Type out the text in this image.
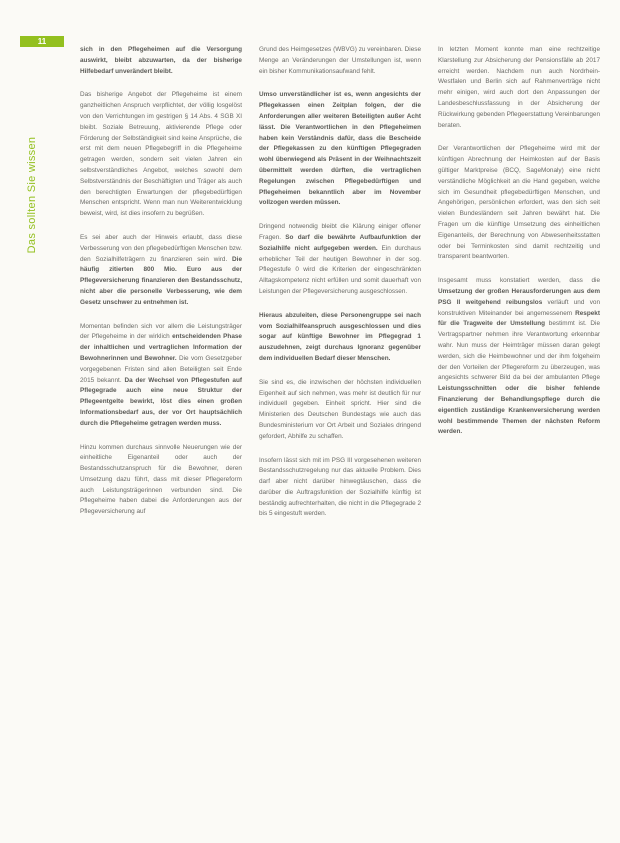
11
Das sollten Sie wissen

sich in den Pflegeheimen auf die Versorgung auswirkt, bleibt abzuwarten, da der bisherige Hilfebedarf unverändert bleibt.

Das bisherige Angebot der Pflegeheime ist einem ganzheitlichen Anspruch verpflichtet, der völlig losgelöst von den Verrichtungen im gestrigen § 14 Abs. 4 SGB XI bleibt. Soziale Betreuung, aktivierende Pflege oder Förderung der Selbständigkeit sind keine Ansprüche, die erst mit dem neuen Pflegebegriff in die Pflegeheime getragen werden, sondern seit vielen Jahren ein selbstverständliches Angebot, welches sowohl dem Selbstverständnis der Beschäftigten und Träger als auch den berechtigten Erwartungen der pflegebedürftigen Menschen entspricht. Wenn man nun Weiterentwicklung beweist, wird, ist dies insofern zu begrüßen.

Es sei aber auch der Hinweis erlaubt, dass diese Verbesserung von den pflegebedürftigen Menschen bzw. den Sozialhilfeträgern zu finanzieren sein wird. Die häufig zitierten 800 Mio. Euro aus der Pflegeversicherung finanzieren den Bestandsschutz, nicht aber die personelle Verbesserung, wie dem Gesetz unschwer zu entnehmen ist.

Momentan befinden sich vor allem die Leistungsträger der Pflegeheime in der wirklich entscheidenden Phase der inhaltlichen und vertraglichen Information der Bewohnerinnen und Bewohner. Die vom Gesetzgeber vorgegebenen Fristen sind allen Beteiligten seit Ende 2015 bekannt. Da der Wechsel von Pflegestufen auf Pflegegrade auch eine neue Struktur der Pflegeentgelte bewirkt, löst dies einen großen Informationsbedarf aus, der vor Ort hauptsächlich durch die Pflegeheime getragen werden muss.

Hinzu kommen durchaus sinnvolle Neuerungen wie der einheitliche Eigenanteil oder auch der Bestandsschutzanspruch für die Bewohner, deren Umsetzung dazu führt, dass mit dieser Pflegereform auch Leistungsträgerinnen verbunden sind. Die Pflegeheime haben dabei die Anforderungen aus der Pflegeversicherung auf

Grund des Heimgesetzes (WBVG) zu vereinbaren. Diese Menge an Veränderungen der Umstellungen ist, wenn ein bisher Kommunikationsaufwand fehlt.

Umso unverständlicher ist es, wenn angesichts der Pflegekassen einen Zeitplan folgen, der die Anforderungen aller weiteren Beteiligten außer Acht lässt. Die Verantwortlichen in den Pflegeheimen haben kein Verständnis dafür, dass die Bescheide der Pflegekassen zu den künftigen Pflegegraden wohl überwiegend als Präsent in der Weihnachtszeit übermittelt werden dürften, die vertraglichen Regelungen zwischen Pflegebedürftigen und Pflegeheimen bekanntlich aber im November vollzogen werden müssen.

Dringend notwendig bleibt die Klärung einiger offener Fragen. So darf die bewährte Aufbaufunktion der Sozialhilfe nicht aufgegeben werden. Ein durchaus erheblicher Teil der heutigen Bewohner in der sog. Pflegestufe 0 wird die Kriterien der eingeschränkten Alltagskompetenz nicht erfüllen und somit dauerhaft von Leistungen der Pflegeversicherung ausgeschlossen.

Hieraus abzuleiten, diese Personengruppe sei nach vom Sozialhilfeanspruch ausgeschlossen und dies sogar auf künftige Bewohner im Pflegegrad 1 auszudehnen, zeigt durchaus Ignoranz gegenüber dem individuellen Bedarf dieser Menschen.

Sie sind es, die inzwischen der höchsten individuellen Eigenheit auf sich nehmen, was mehr ist deutlich für nur individuell gegeben. Einheit spricht. Hier sind die Ministerien des Deutschen Bundestags wie auch das Bundesministerium vor Ort Arbeit und Soziales dringend gefordert, Abhilfe zu schaffen.

Insofern lässt sich mit im PSG III vorgesehenen weiteren Bestandsschutzregelung nur das aktuelle Problem. Dies darf aber nicht darüber hinwegtäuschen, dass die darüber die Auftragsfunktion der Sozialhilfe künftig ist beständig aufrechterhalten, die nicht in die Pflegegrade 2 bis 5 eingestuft werden.

In letzten Moment konnte man eine rechtzeitige Klarstellung zur Absicherung der Pensionsfälle ab 2017 erreicht werden. Nachdem nun auch Nordrhein-Westfalen und Berlin sich auf Rahmenverträge nicht mehr einigen, wird auch dort den Anpassungen der Landesbeschlussfassung in der Absicherung der Rückwirkung gebenden Pflegeerstattung Vereinbarungen beraten.

Der Verantwortlichen der Pflegeheime wird mit der künftigen Abrechnung der Heimkosten auf der Basis gültiger Marktpreise (BCQ, SageMonaly) eine nicht verständliche Möglichkeit an die Hand gegeben, welche sich im Gesundheit pflegebedürftigen Menschen, und Angehörigen, persönlichen erfordert, was den sich seit vielen Bundesländern seit Jahren bewährt hat. Die Fragen um die künftige Umsetzung des einheitlichen Eigenanteils, der Berechnung von Abwesenheitsstatten oder bei Terminkosten sind damit rechtzeitig und transparent beantworten.

Insgesamt muss konstatiert werden, dass die Umsetzung der großen Herausforderungen aus dem PSG II weitgehend reibungslos verläuft und von konstruktiven Miteinander bei angemessenem Respekt für die Tragweite der Umstellung bestimmt ist. Die Vertragspartner nehmen ihre Verantwortung erkennbar wahr. Nun muss der Heimträger müssen daran gelegt werden, sich die Heimbewohner und der ihm folgeheim der den Vorteilen der Pflegereform zu überzeugen, was angesichts schwerer Bild da bei der ambulanten Pflege Leistungsschnitten oder die bisher fehlende Finanzierung der Behandlungspflege durch die eigentlich zuständige Krankenversicherung werden wohl bestimmende Themen der nächsten Reform werden.
